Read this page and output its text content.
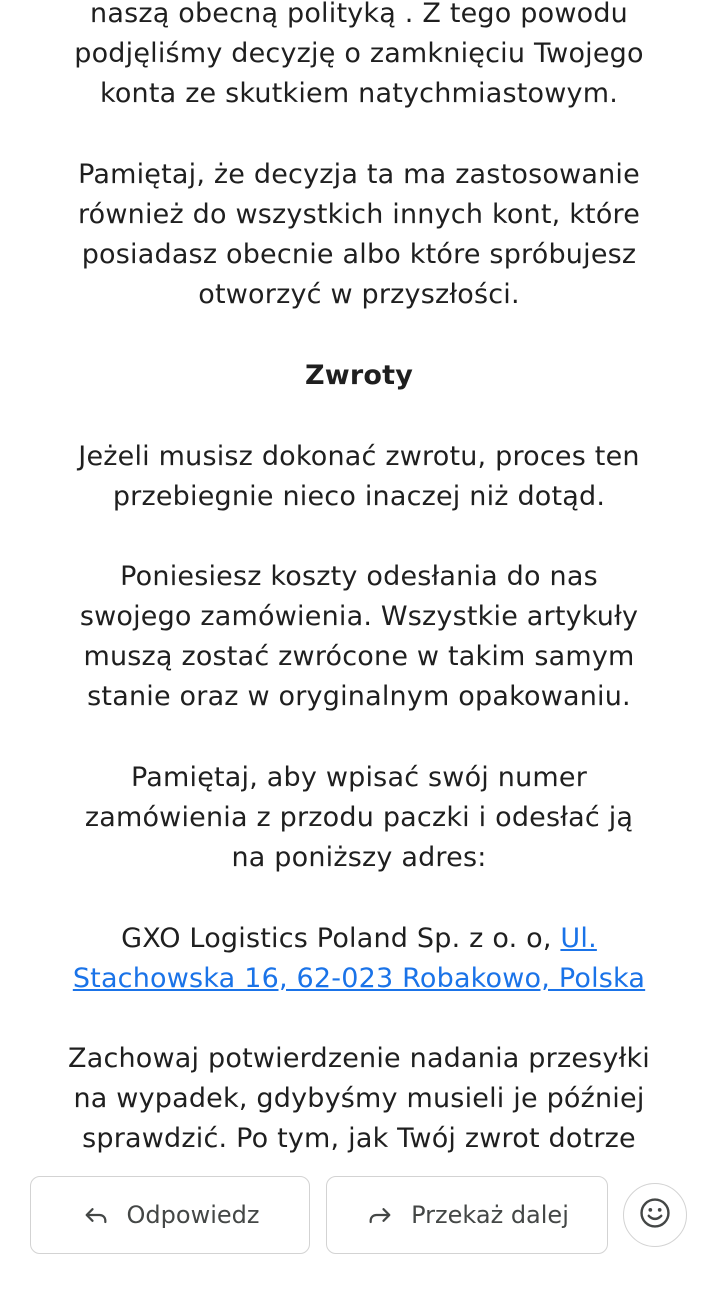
naszą obecną polityką . Z tego powodu
podjęliśmy decyzję o zamknięciu Twojego
konta ze skutkiem natychmiastowym.

Pamiętaj, że decyzja ta ma zastosowanie
również do wszystkich innych kont, które
posiadasz obecnie albo które spróbujesz
otworzyć w przyszłości.

Zwroty

Jeżeli musisz dokonać zwrotu, proces ten
przebiegnie nieco inaczej niż dotąd.

Poniesiesz koszty odesłania do nas
swojego zamówienia. Wszystkie artykuły
muszą zostać zwrócone w takim samym
stanie oraz w oryginalnym opakowaniu.

Pamiętaj, aby wpisać swój numer
zamówienia z przodu paczki i odesłać ją
na poniższy adres:

GXO Logistics Poland Sp. z o. o, Ul.
Stachowska 16, 62-023 Robakowo, Polska

Zachowaj potwierdzenie nadania przesyłki
na wypadek, gdybyśmy musieli je później
sprawdzić. Po tym, jak Twój zwrot dotrze

Odpowiedz	Przekaż dalej
